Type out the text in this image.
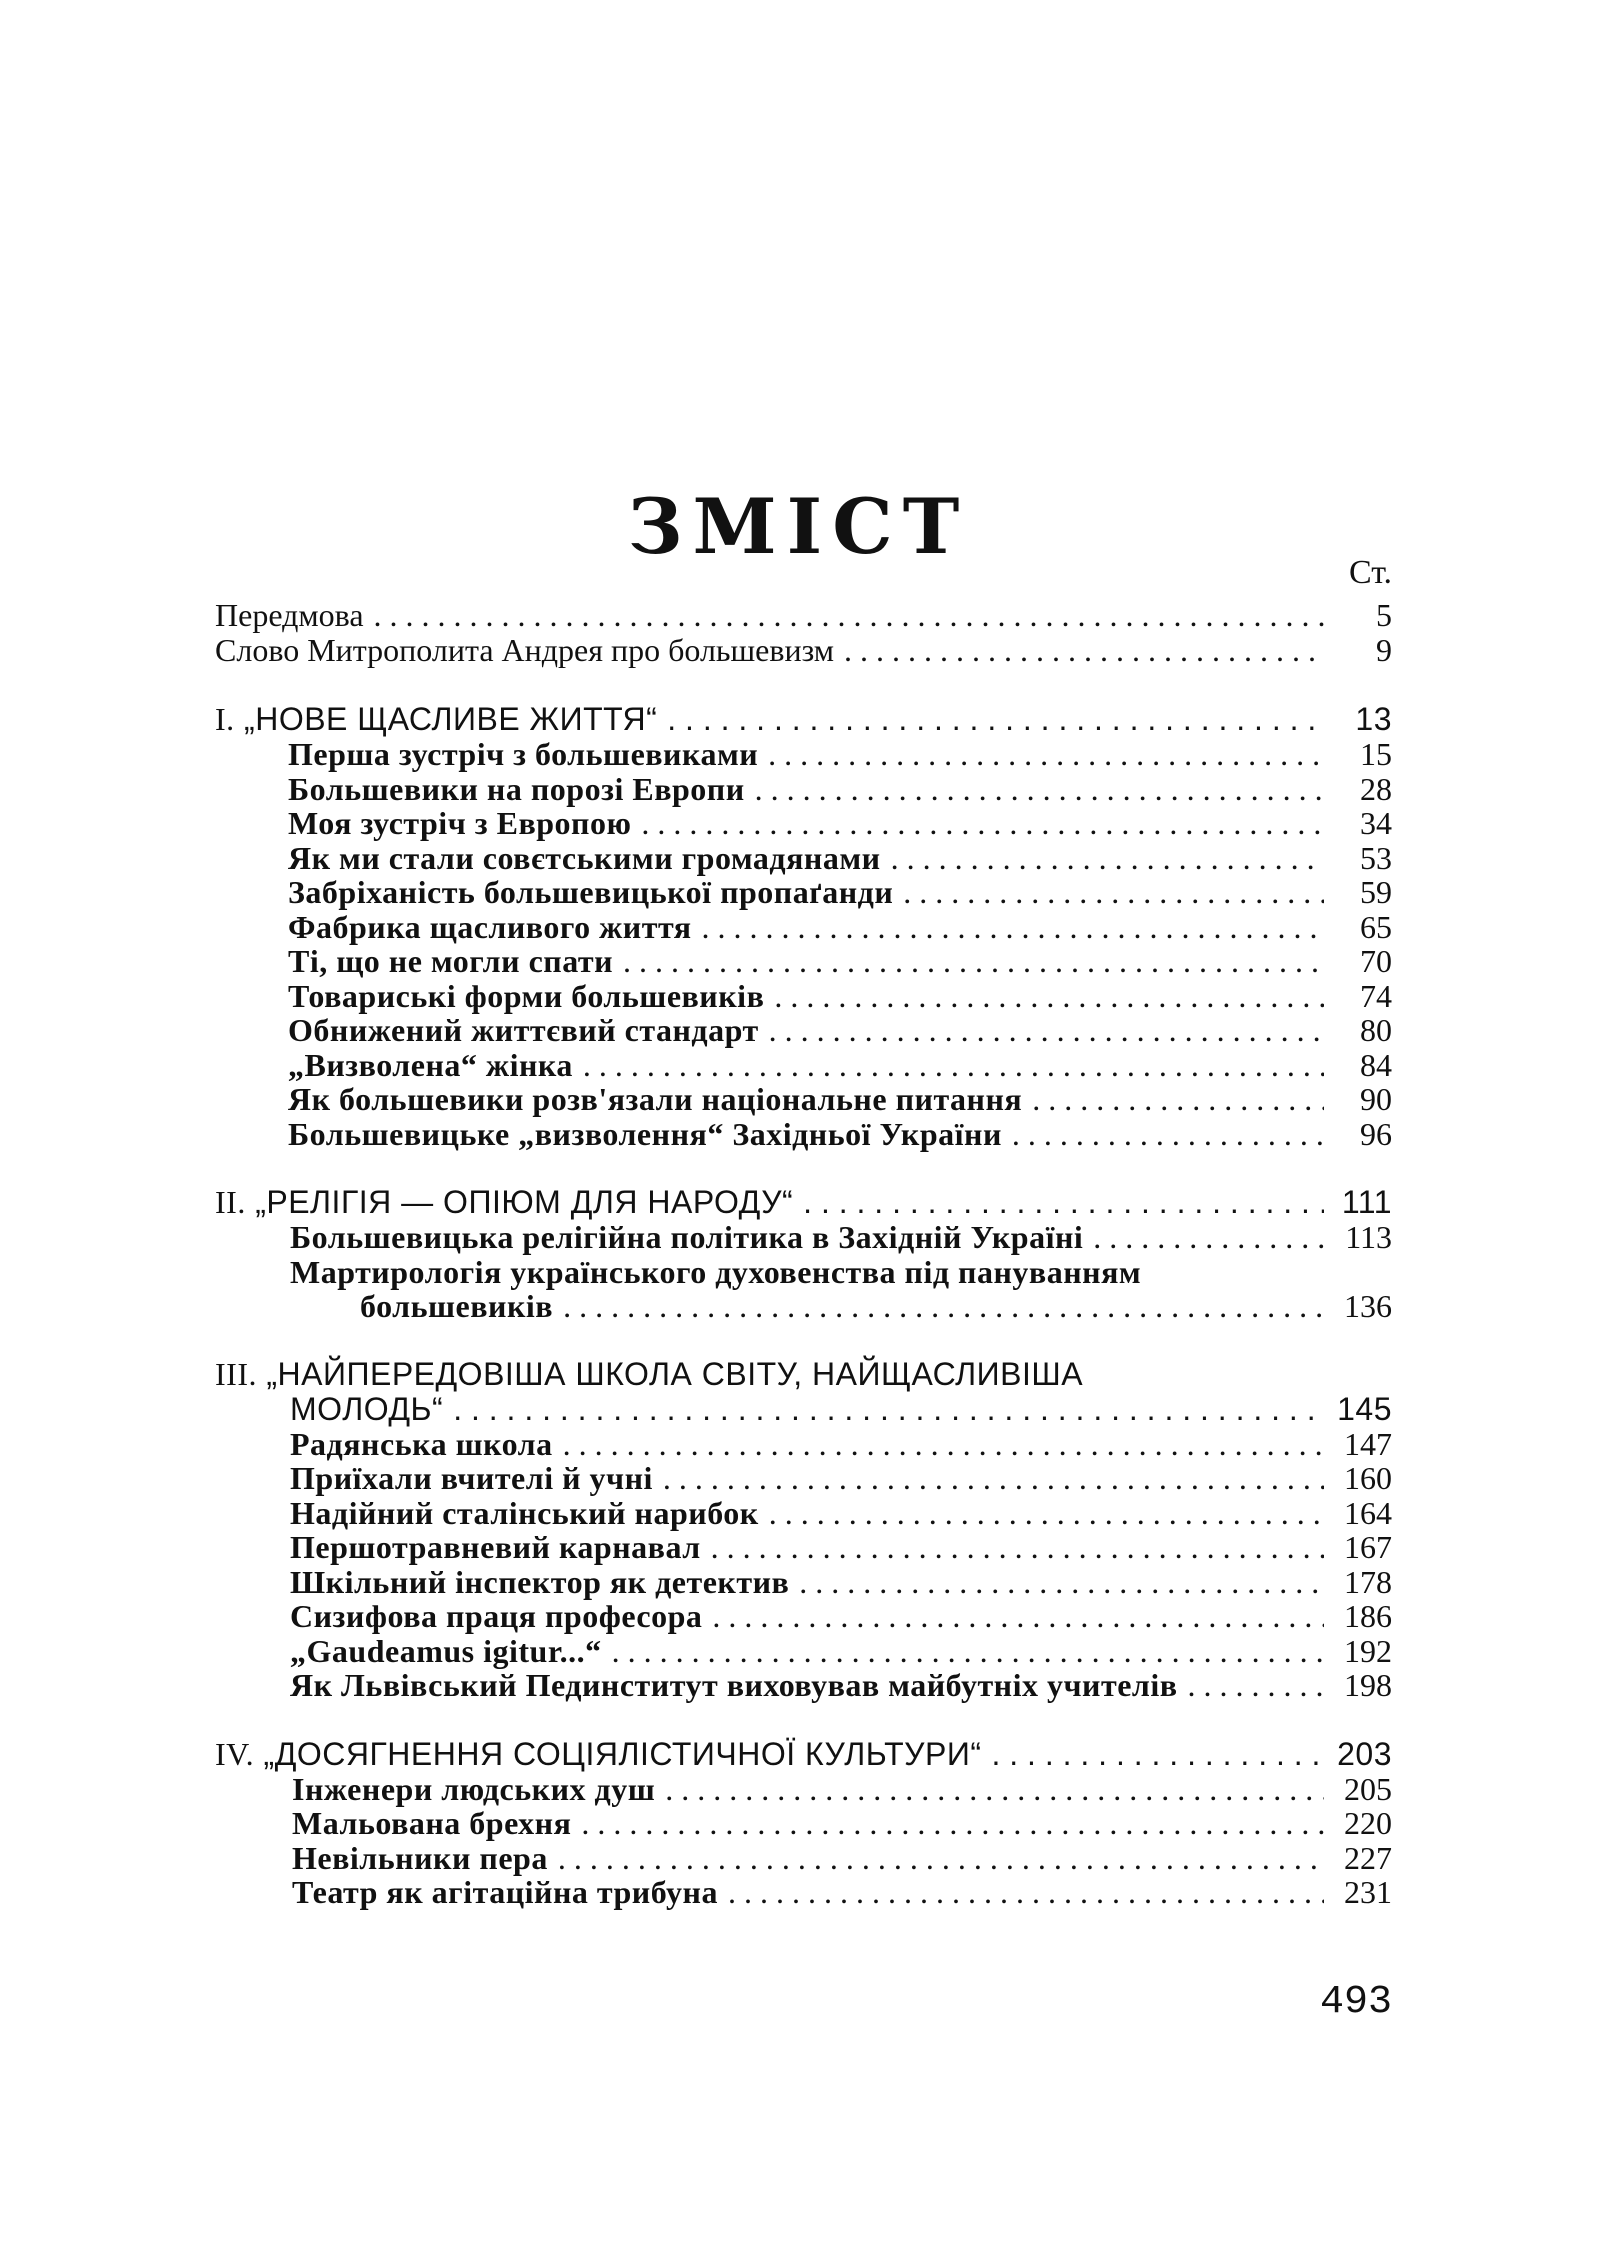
ЗМІСТ
Ст.
Передмова . . .	5
Слово Митрополита Андрея про большевизм . . .	9
I. „НОВЕ ЩАСЛИВЕ ЖИТТЯ“ . . .	13
Перша зустріч з большевиками . . .	15
Большевики на порозі Европи . . .	28
Моя зустріч з Европою . . .	34
Як ми стали совєтськими громадянами . . .	53
Забріханість большевицької пропаґанди . . .	59
Фабрика щасливого життя . . .	65
Ті, що не могли спати . . .	70
Товариські форми большевиків . . .	74
Обнижений життєвий стандарт . . .	80
„Визволена“ жінка . . .	84
Як большевики розв'язали національне питання . . .	90
Большевицьке „визволення“ Західньої України . . .	96
II. „РЕЛІГІЯ — ОПІЮМ ДЛЯ НАРОДУ“ . . .	111
Большевицька релігійна політика в Західній Україні . . .	113
Мартирологія українського духовенства під пануванням
большевиків . . .	136
III. „НАЙПЕРЕДОВІША ШКОЛА СВІТУ, НАЙЩАСЛИВІША
МОЛОДЬ“ . . .	145
Радянська школа . . .	147
Приїхали вчителі й учні . . .	160
Надійний сталінський нарибок . . .	164
Першотравневий карнавал . . .	167
Шкільний інспектор як детектив . . .	178
Сизифова праця професора . . .	186
„Gaudeamus igitur...“ . . .	192
Як Львівський Пединститут виховував майбутніх учителів . . .	198
IV. „ДОСЯГНЕННЯ СОЦІЯЛІСТИЧНОЇ КУЛЬТУРИ“ . . .	203
Інженери людських душ . . .	205
Мальована брехня . . .	220
Невільники пера . . .	227
Театр як агітаційна трибуна . . .	231
493
